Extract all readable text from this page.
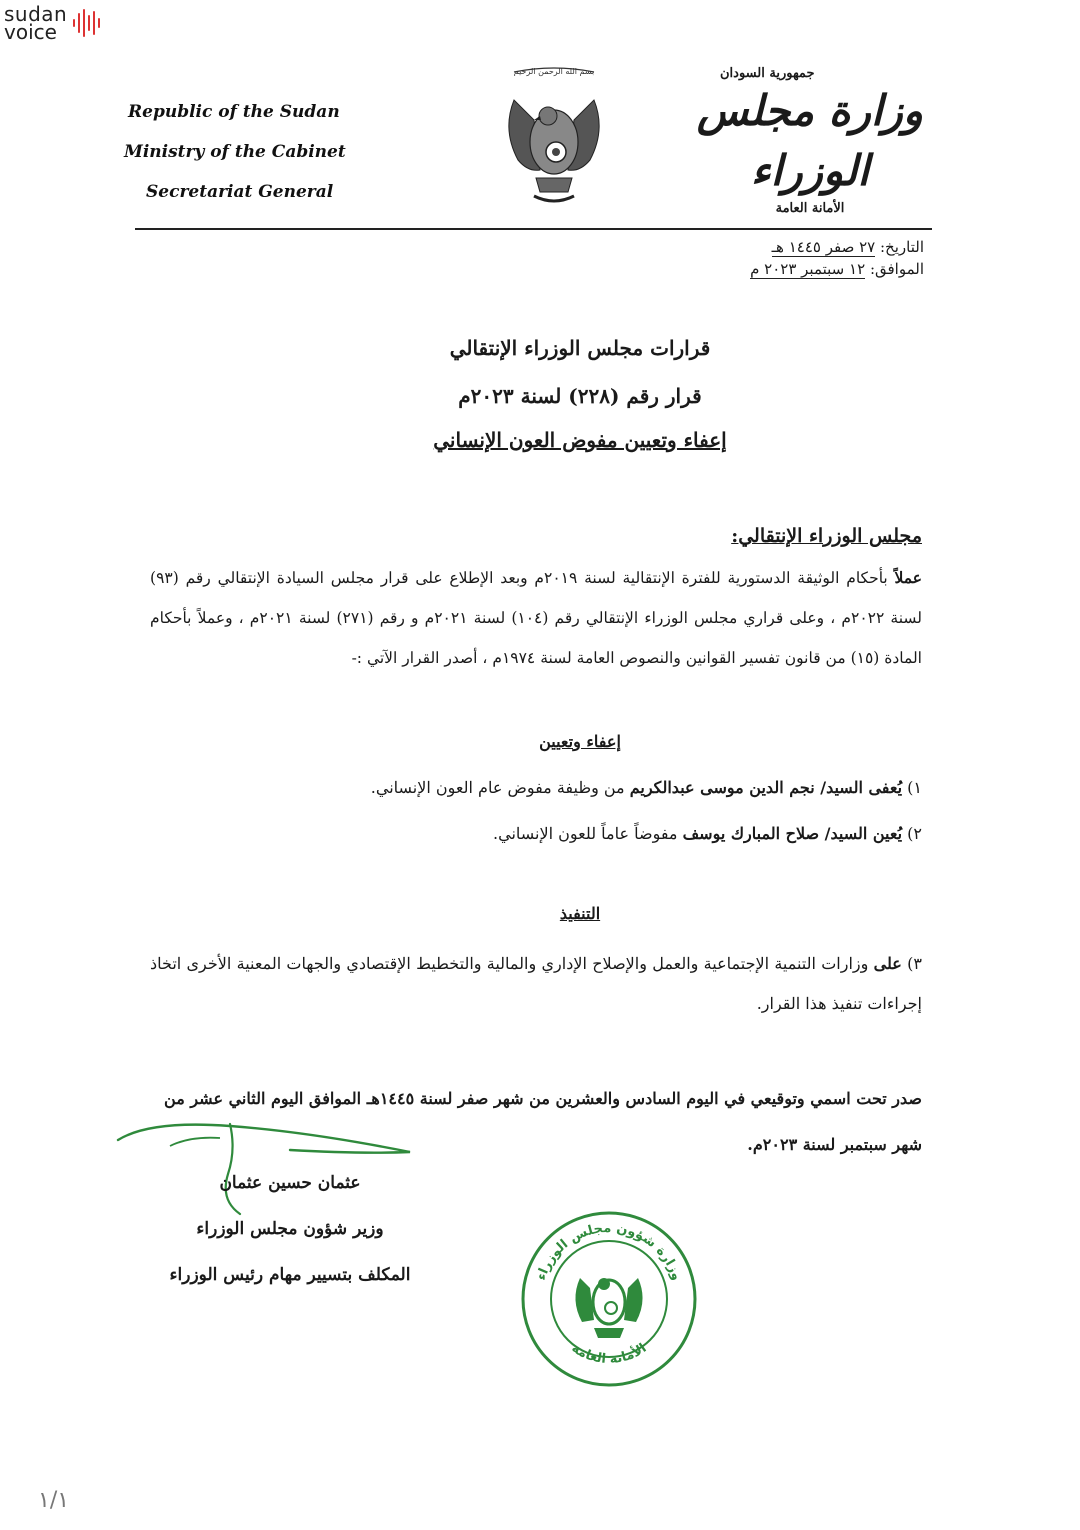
sudan
voice
Republic of the Sudan
Ministry of the Cabinet
Secretariat General
بسم الله الرحمن الرحيم	جمهورية السودان
وزارة مجلس الوزراء
الأمانة العامة
التاريخ: ٢٧ صفر ١٤٤٥ هـ
الموافق: ١٢ سبتمبر ٢٠٢٣ م
قرارات مجلس الوزراء الإنتقالي
قرار رقم (٢٢٨) لسنة ٢٠٢٣م
إعفاء وتعيين مفوض العون الإنساني
مجلس الوزراء الإنتقالي:
عملاً بأحكام الوثيقة الدستورية للفترة الإنتقالية لسنة ٢٠١٩م وبعد الإطلاع على قرار مجلس السيادة الإنتقالي رقم (٩٣) لسنة ٢٠٢٢م ، وعلى قراري مجلس الوزراء الإنتقالي رقم (١٠٤) لسنة ٢٠٢١م و رقم (٢٧١) لسنة ٢٠٢١م ، وعملاً بأحكام المادة (١٥) من قانون تفسير القوانين والنصوص العامة لسنة ١٩٧٤م ، أصدر القرار الآتي :-
إعفاء وتعيين
١) يُعفى السيد/ نجم الدين موسى عبدالكريم من وظيفة مفوض عام العون الإنساني.
٢) يُعين السيد/ صلاح المبارك يوسف مفوضاً عاماً للعون الإنساني.
التنفيذ
٣) على وزارات التنمية الإجتماعية والعمل والإصلاح الإداري والمالية والتخطيط الإقتصادي والجهات المعنية الأخرى اتخاذ إجراءات تنفيذ هذا القرار.
صدر تحت اسمي وتوقيعي في اليوم السادس والعشرين من شهر صفر لسنة ١٤٤٥هـ الموافق اليوم الثاني عشر من شهر سبتمبر لسنة ٢٠٢٣م.
عثمان حسين عثمان
وزير شؤون مجلس الوزراء
المكلف بتسيير مهام رئيس الوزراء	وزارة شؤون مجلس الوزراء
الأمانة العامة
١/١
